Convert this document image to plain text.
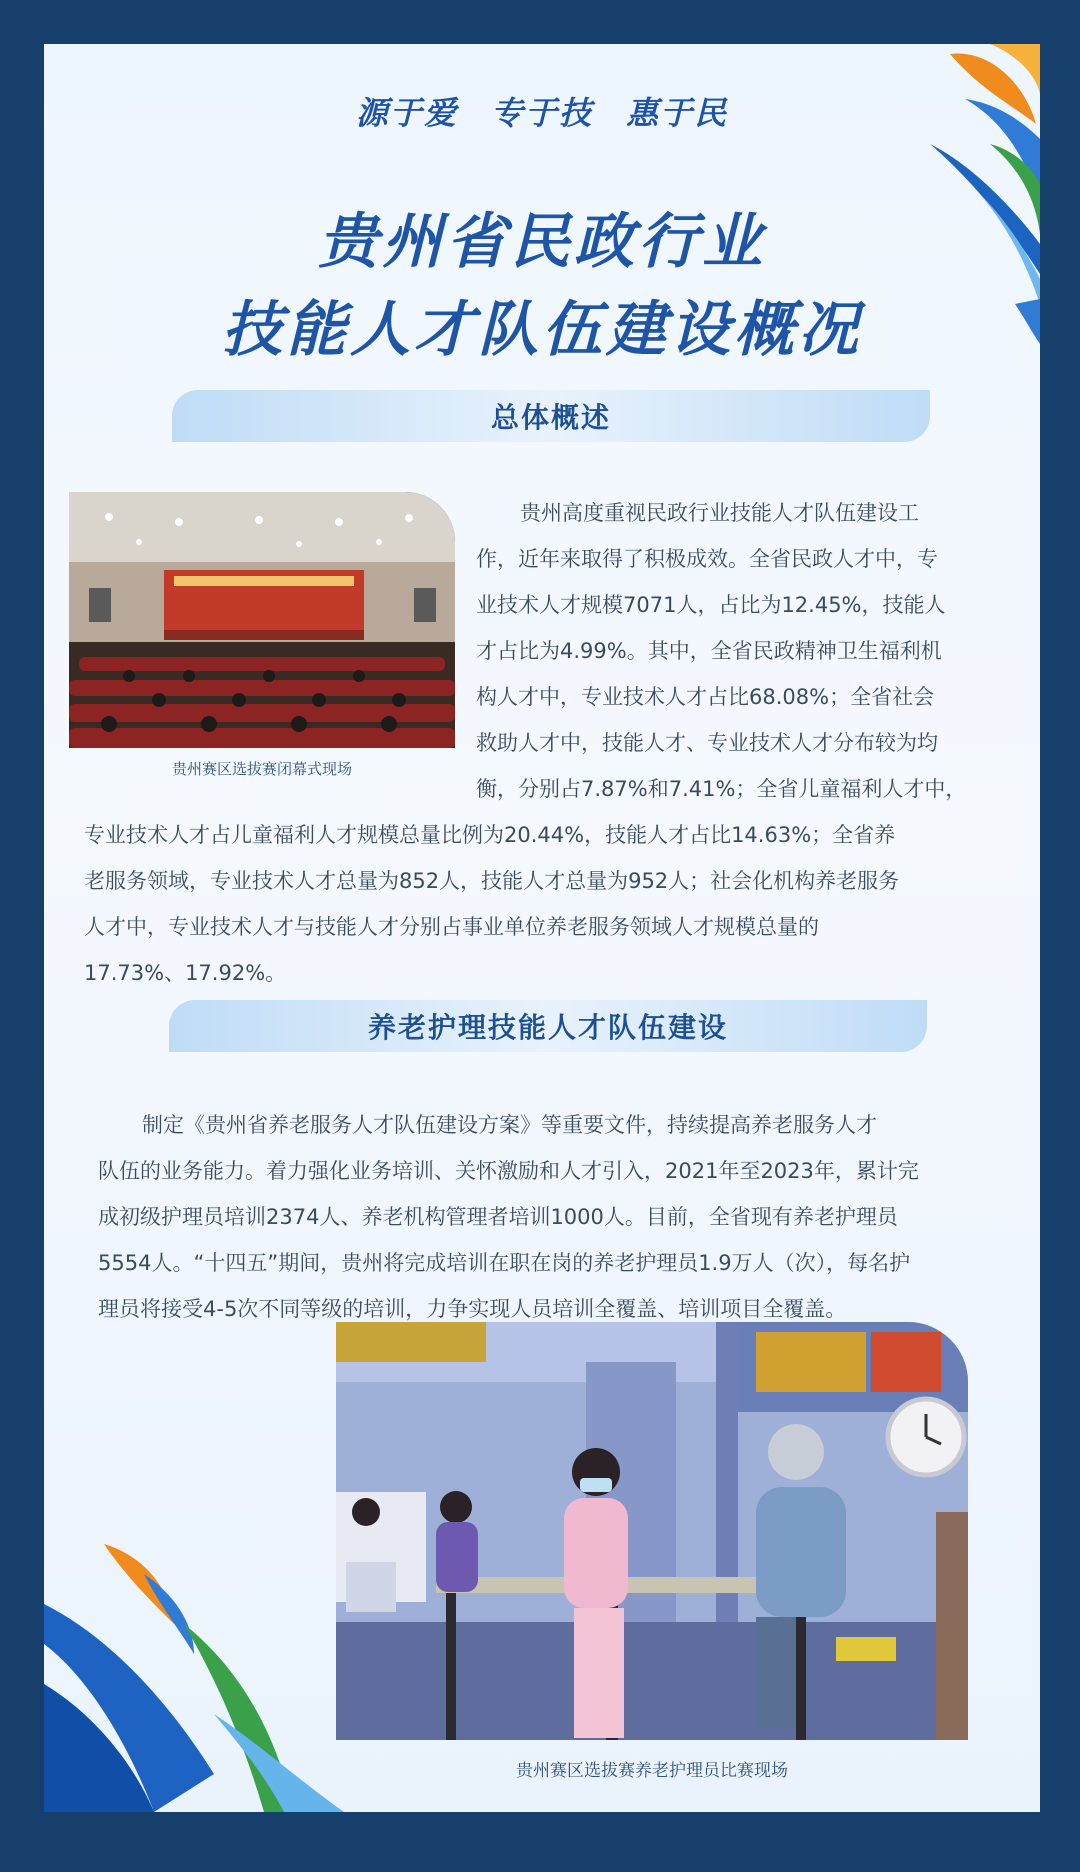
源于爱 专于技 惠于民
贵州省民政行业
技能人才队伍建设概况
总体概述
贵州赛区选拔赛闭幕式现场
贵州高度重视民政行业技能人才队伍建设工
作，近年来取得了积极成效。全省民政人才中，专
业技术人才规模7071人，占比为12.45%，技能人
才占比为4.99%。其中，全省民政精神卫生福利机
构人才中，专业技术人才占比68.08%；全省社会
救助人才中，技能人才、专业技术人才分布较为均
衡，分别占7.87%和7.41%；全省儿童福利人才中，
专业技术人才占儿童福利人才规模总量比例为20.44%，技能人才占比14.63%；全省养
老服务领域，专业技术人才总量为852人，技能人才总量为952人；社会化机构养老服务
人才中，专业技术人才与技能人才分别占事业单位养老服务领域人才规模总量的
17.73%、17.92%。
养老护理技能人才队伍建设
制定《贵州省养老服务人才队伍建设方案》等重要文件，持续提高养老服务人才
队伍的业务能力。着力强化业务培训、关怀激励和人才引入，2021年至2023年，累计完
成初级护理员培训2374人、养老机构管理者培训1000人。目前，全省现有养老护理员
5554人。“十四五”期间，贵州将完成培训在职在岗的养老护理员1.9万人（次），每名护
理员将接受4-5次不同等级的培训，力争实现人员培训全覆盖、培训项目全覆盖。
贵州赛区选拔赛养老护理员比赛现场
